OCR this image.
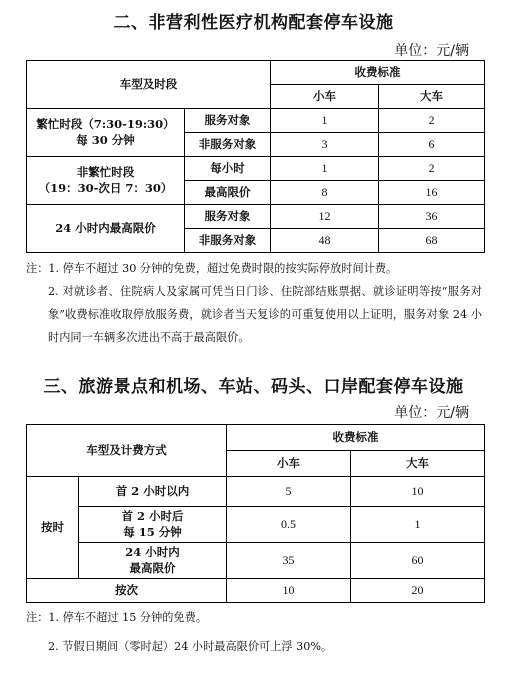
二、非营利性医疗机构配套停车设施
单位：元/辆
车型及时段		收费标准	
		小车	大车

繁忙时段（7:30-19:30）
每 30 分钟	服务对象	1	2
	非服务对象	3	6

非繁忙时段
（19：30-次日 7：30）	每小时	1	2
	最高限价	8	16
24 小时内最高限价	服务对象	12	36
	非服务对象	48	68
注：1. 停车不超过 30 分钟的免费，超过免费时限的按实际停放时间计费。
2. 对就诊者、住院病人及家属可凭当日门诊、住院部结账票据、就诊证明等按“服务对象”收费标准收取停放服务费，就诊者当天复诊的可重复使用以上证明，服务对象 24 小时内同一车辆多次进出不高于最高限价。
三、旅游景点和机场、车站、码头、口岸配套停车设施
单位：元/辆
车型及计费方式		收费标准	
		小车	大车
按时	首 2 小时以内	5	10

	首 2 小时后
每 15 分钟	0.5	1

	24 小时内
最高限价	35	60
按次		10	20
注：1. 停车不超过 15 分钟的免费。
2. 节假日期间（零时起）24 小时最高限价可上浮 30%。
